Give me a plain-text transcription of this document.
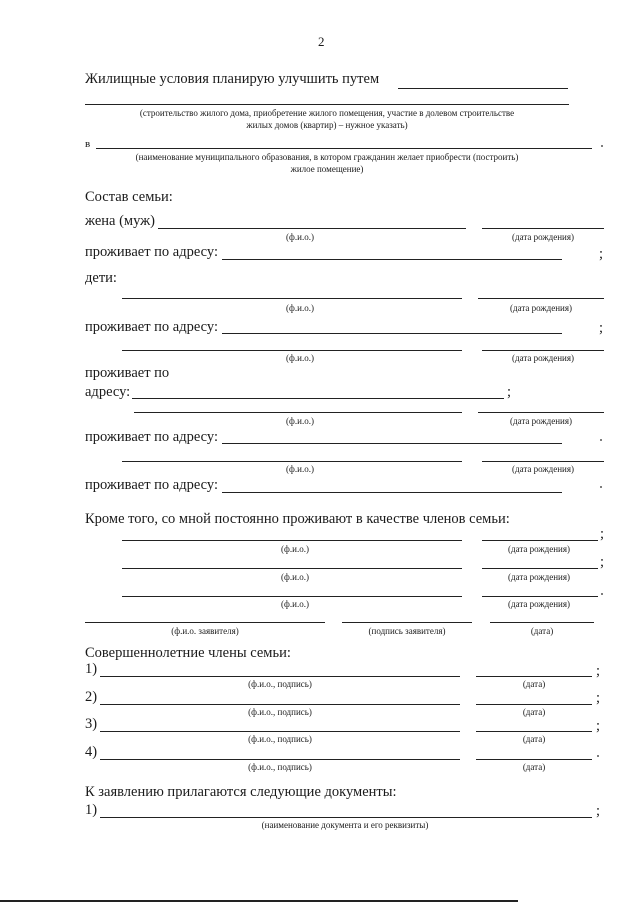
2
Жилищные условия планирую улучшить путем
(строительство жилого дома, приобретение жилого помещения, участие в долевом строительстве
жилых домов (квартир) – нужное указать)
в
(наименование муниципального образования, в котором гражданин желает приобрести (построить)
жилое помещение)
Состав семьи:
жена (муж)
(ф.и.о.)	(дата рождения)
проживает по адресу:	;
дети:
(ф.и.о.)	(дата рождения)
проживает по адресу:	;
(ф.и.о.)	(дата рождения)
проживает по
адресу:	;
(ф.и.о.)	(дата рождения)
проживает по адресу:
(ф.и.о.)	(дата рождения)
проживает по адресу:
Кроме того, со мной постоянно проживают в качестве членов семьи:
;
(ф.и.о.)	(дата рождения)
;
(ф.и.о.)	(дата рождения)
(ф.и.о.)	(дата рождения)
(ф.и.о. заявителя)	(подпись заявителя)	(дата)
Совершеннолетние члены семьи:
1)	;
(ф.и.о., подпись)	(дата)
2)	;
(ф.и.о., подпись)	(дата)
3)	;
(ф.и.о., подпись)	(дата)
4)
(ф.и.о., подпись)	(дата)
К заявлению прилагаются следующие документы:
1)	;
(наименование документа и его реквизиты)
